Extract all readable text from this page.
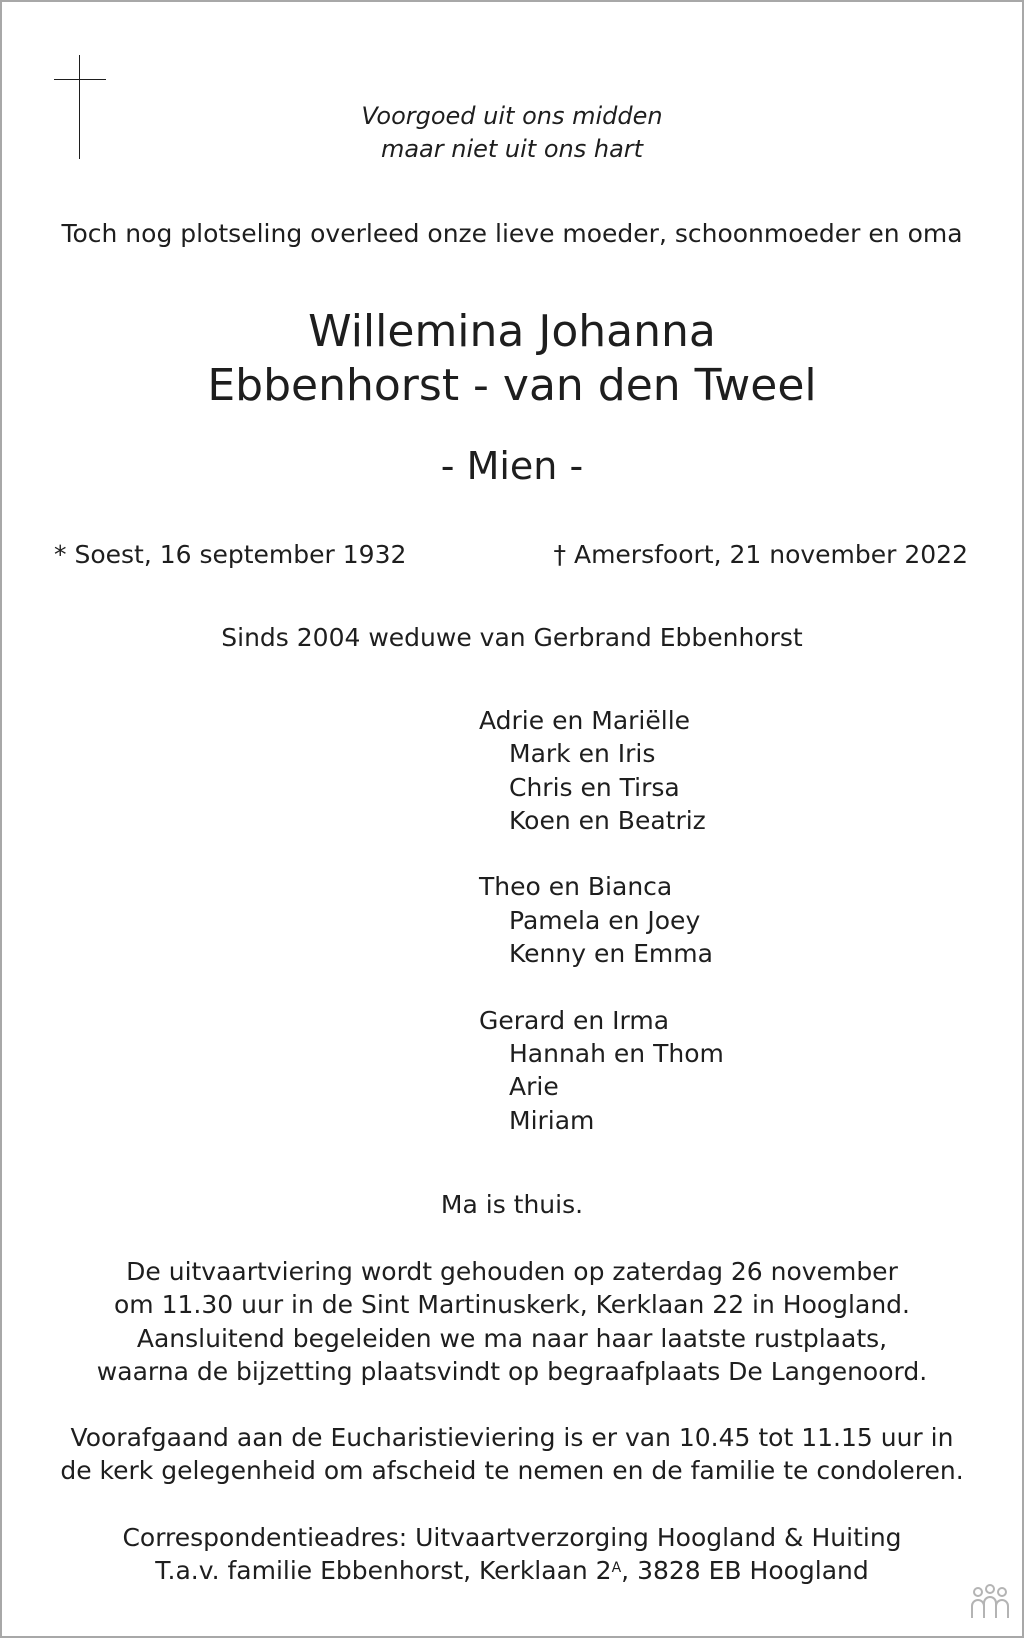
Voorgoed uit ons midden
maar niet uit ons hart
Toch nog plotseling overleed onze lieve moeder, schoonmoeder en oma
Willemina Johanna
Ebbenhorst - van den Tweel
- Mien -
* Soest, 16 september 1932	† Amersfoort, 21 november 2022
Sinds 2004 weduwe van Gerbrand Ebbenhorst
Adrie en Mariëlle
Mark en Iris
Chris en Tirsa
Koen en Beatriz
Theo en Bianca
Pamela en Joey
Kenny en Emma
Gerard en Irma
Hannah en Thom
Arie
Miriam
Ma is thuis.
De uitvaartviering wordt gehouden op zaterdag 26 november
om 11.30 uur in de Sint Martinuskerk, Kerklaan 22 in Hoogland.
Aansluitend begeleiden we ma naar haar laatste rustplaats,
waarna de bijzetting plaatsvindt op begraafplaats De Langenoord.
Voorafgaand aan de Eucharistieviering is er van 10.45 tot 11.15 uur in
de kerk gelegenheid om afscheid te nemen en de familie te condoleren.
Correspondentieadres: Uitvaartverzorging Hoogland & Huiting
T.a.v. familie Ebbenhorst, Kerklaan $2^A$, 3828 EB Hoogland
